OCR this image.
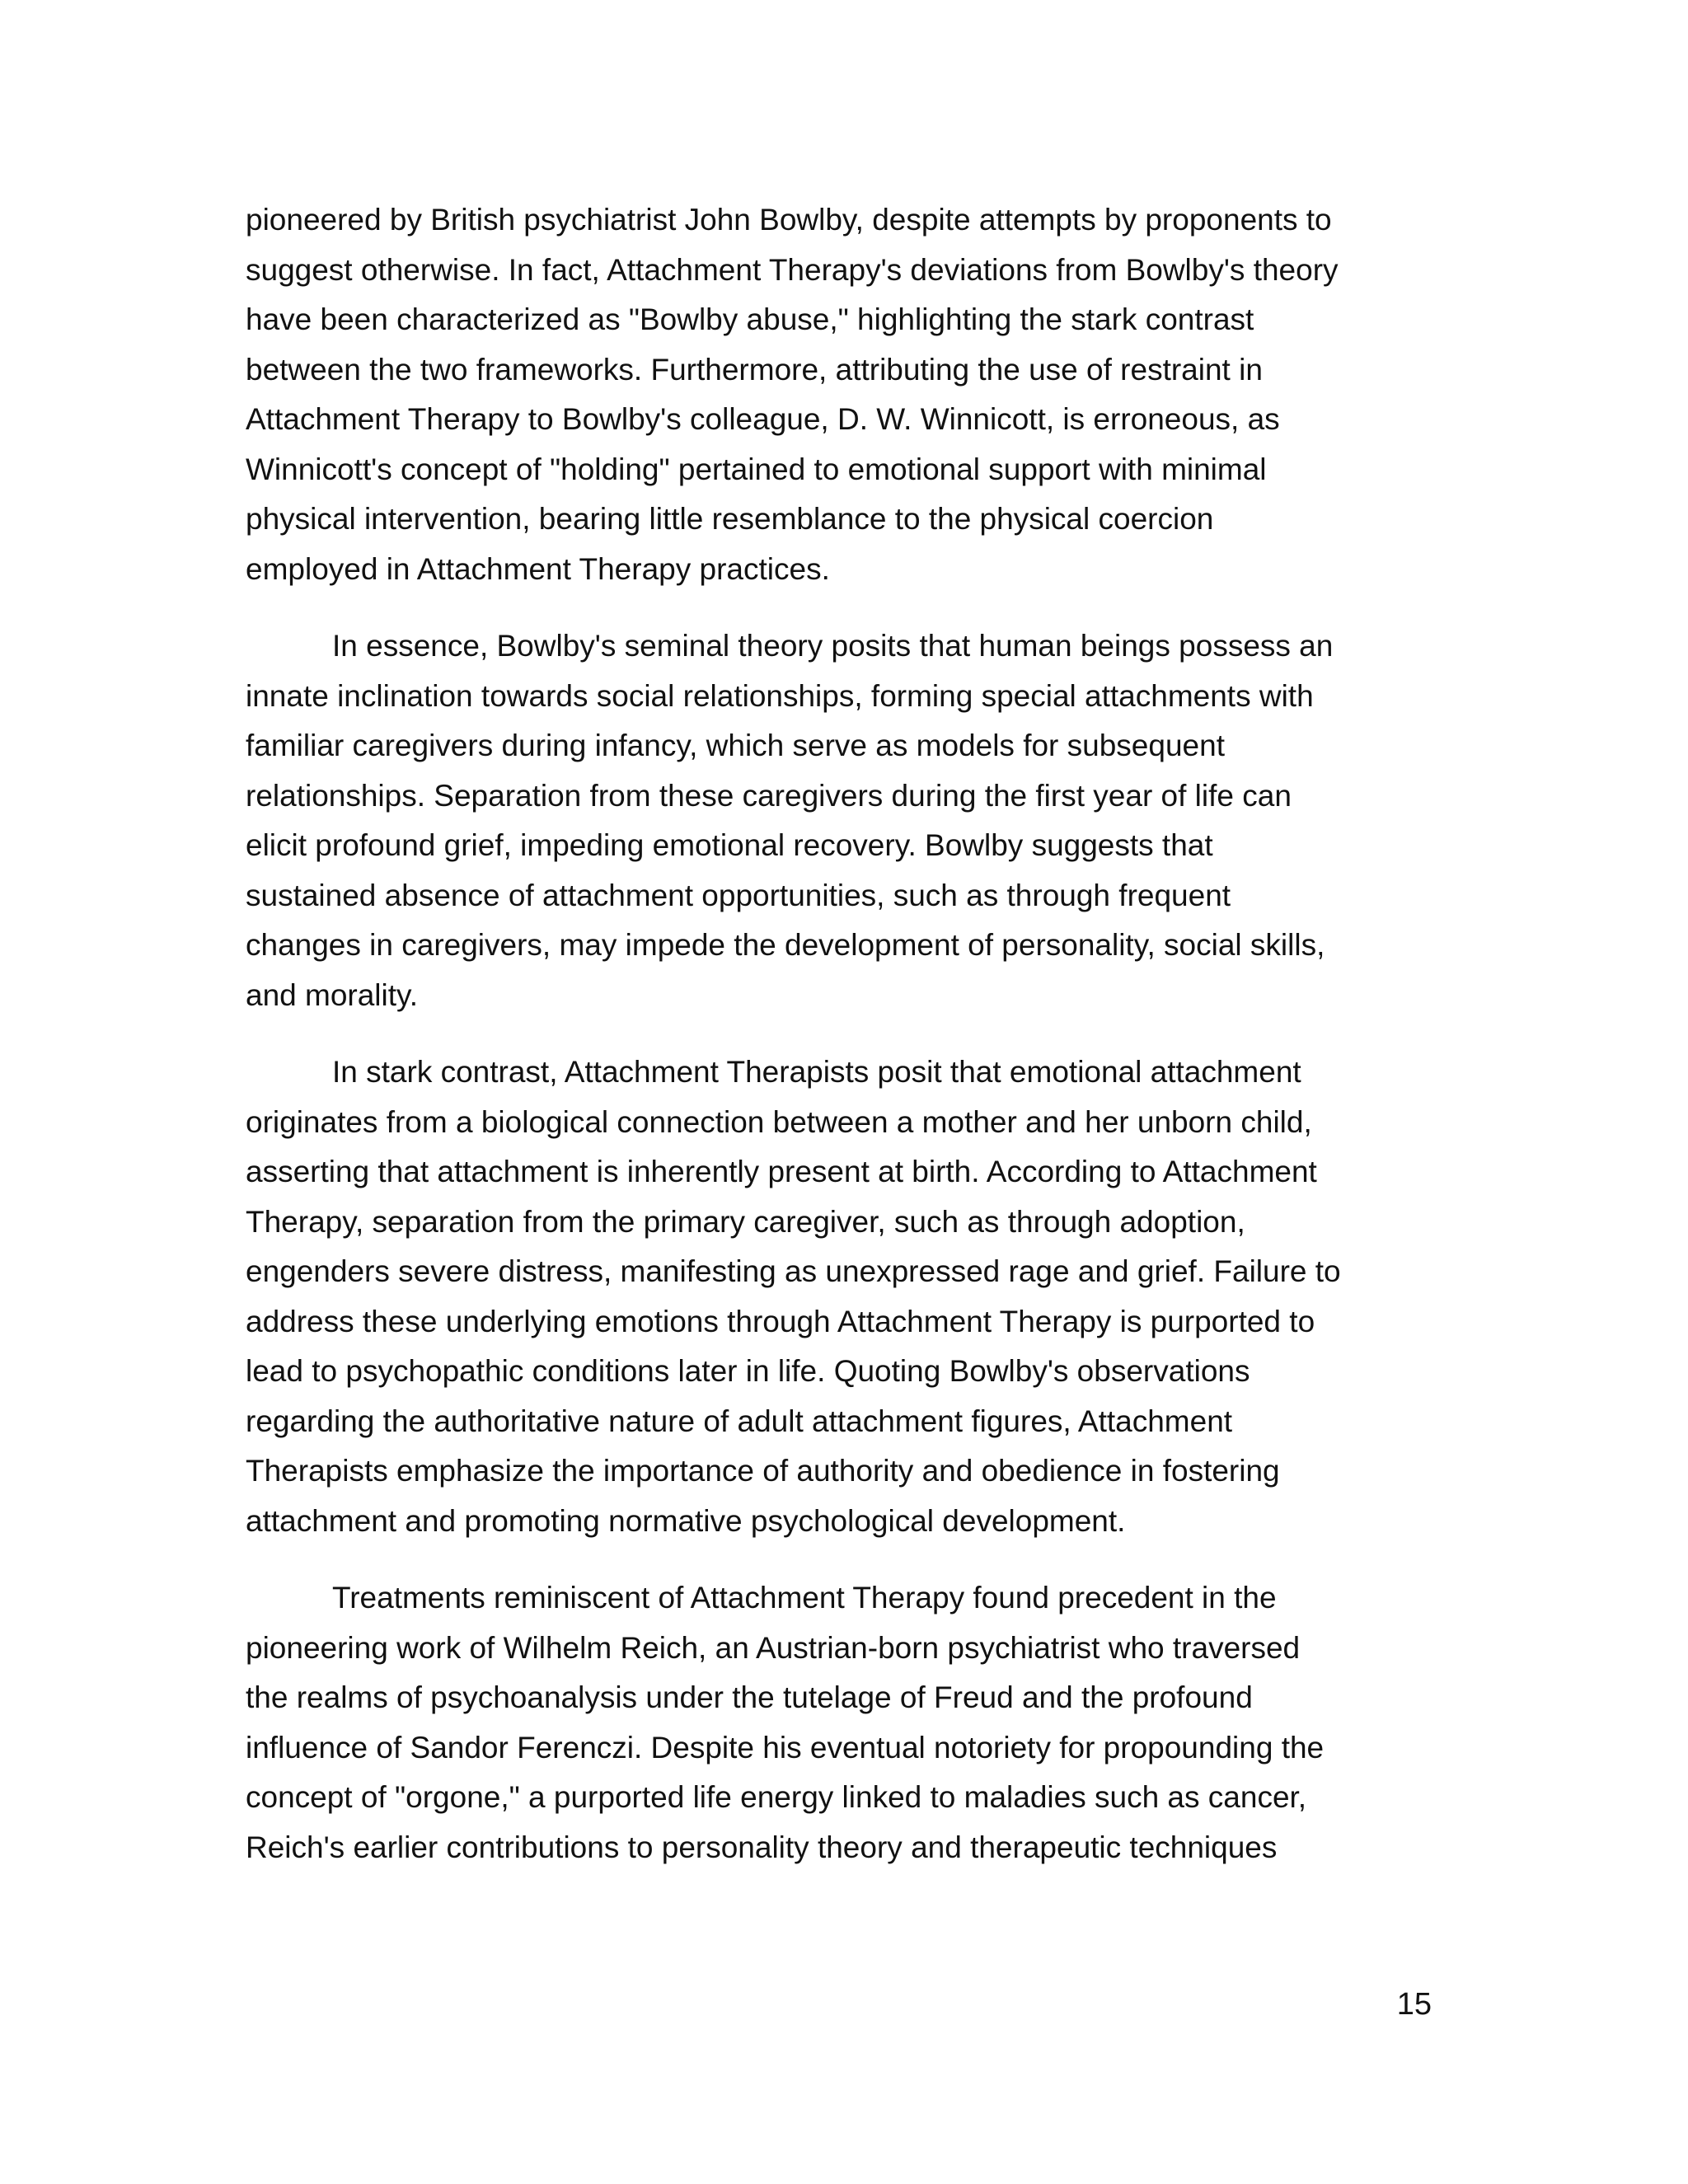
pioneered by British psychiatrist John Bowlby, despite attempts by proponents to
suggest otherwise. In fact, Attachment Therapy's deviations from Bowlby's theory
have been characterized as "Bowlby abuse," highlighting the stark contrast
between the two frameworks. Furthermore, attributing the use of restraint in
Attachment Therapy to Bowlby's colleague, D. W. Winnicott, is erroneous, as
Winnicott's concept of "holding" pertained to emotional support with minimal
physical intervention, bearing little resemblance to the physical coercion
employed in Attachment Therapy practices.
In essence, Bowlby's seminal theory posits that human beings possess an
innate inclination towards social relationships, forming special attachments with
familiar caregivers during infancy, which serve as models for subsequent
relationships. Separation from these caregivers during the first year of life can
elicit profound grief, impeding emotional recovery. Bowlby suggests that
sustained absence of attachment opportunities, such as through frequent
changes in caregivers, may impede the development of personality, social skills,
and morality.
In stark contrast, Attachment Therapists posit that emotional attachment
originates from a biological connection between a mother and her unborn child,
asserting that attachment is inherently present at birth. According to Attachment
Therapy, separation from the primary caregiver, such as through adoption,
engenders severe distress, manifesting as unexpressed rage and grief. Failure to
address these underlying emotions through Attachment Therapy is purported to
lead to psychopathic conditions later in life. Quoting Bowlby's observations
regarding the authoritative nature of adult attachment figures, Attachment
Therapists emphasize the importance of authority and obedience in fostering
attachment and promoting normative psychological development.
Treatments reminiscent of Attachment Therapy found precedent in the
pioneering work of Wilhelm Reich, an Austrian-born psychiatrist who traversed
the realms of psychoanalysis under the tutelage of Freud and the profound
influence of Sandor Ferenczi. Despite his eventual notoriety for propounding the
concept of "orgone," a purported life energy linked to maladies such as cancer,
Reich's earlier contributions to personality theory and therapeutic techniques
15
